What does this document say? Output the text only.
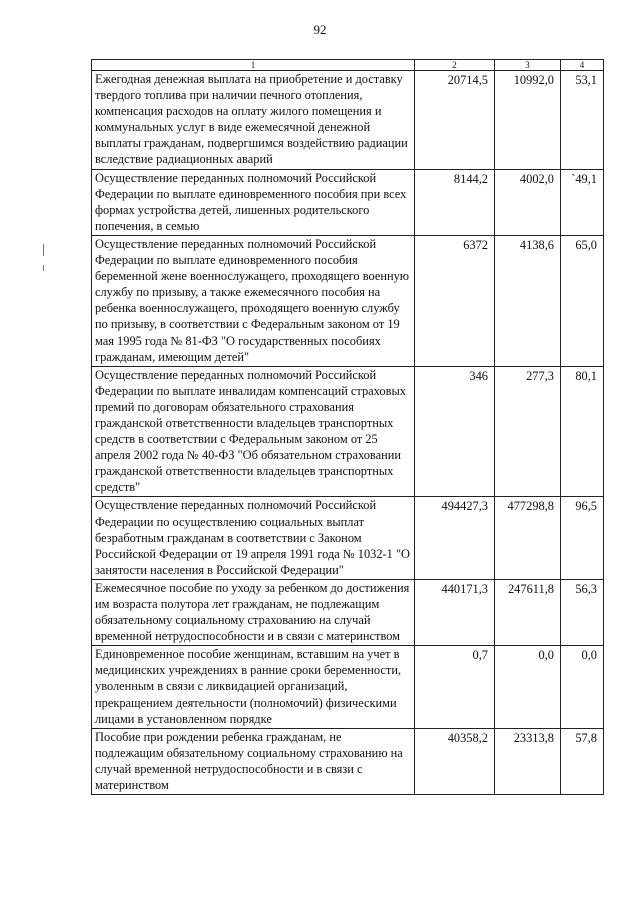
92
1	2	3	4
Ежегодная денежная выплата на приобретение и доставку твердого топлива при наличии печного отопления, компенсация расходов на оплату жилого помещения и коммунальных услуг в виде ежемесячной денежной выплаты гражданам, подвергшимся воздействию радиации вследствие радиационных аварий	20714,5	10992,0	53,1
Осуществление переданных полномочий Российской Федерации по выплате единовременного пособия при всех формах устройства детей, лишенных родительского попечения, в семью	8144,2	4002,0	`49,1
Осуществление переданных полномочий Российской Федерации по выплате единовременного пособия беременной жене военнослужащего, проходящего военную службу по призыву, а также ежемесячного пособия на ребенка военнослужащего, проходящего военную службу по призыву, в соответствии с Федеральным законом от 19 мая 1995 года № 81-ФЗ "О государственных пособиях гражданам, имеющим детей"	6372	4138,6	65,0
Осуществление переданных полномочий Российской Федерации по выплате инвалидам компенсаций страховых премий по договорам обязательного страхования гражданской ответственности владельцев транспортных средств в соответствии с Федеральным законом от 25 апреля 2002 года № 40-ФЗ "Об обязательном страховании гражданской ответственности владельцев транспортных средств"	346	277,3	80,1
Осуществление переданных полномочий Российской Федерации по осуществлению социальных выплат безработным гражданам в соответствии с Законом Российской Федерации от 19 апреля 1991 года № 1032-1 "О занятости населения в Российской Федерации"	494427,3	477298,8	96,5
Ежемесячное пособие по уходу за ребенком до достижения им возраста полутора лет гражданам, не подлежащим обязательному социальному страхованию на случай временной нетрудоспособности и в связи с материнством	440171,3	247611,8	56,3
Единовременное пособие женщинам, вставшим на учет в медицинских учреждениях в ранние сроки беременности, уволенным в связи с ликвидацией организаций, прекращением деятельности (полномочий) физическими лицами в установленном порядке	0,7	0,0	0,0
Пособие при рождении ребенка гражданам, не подлежащим обязательному социальному страхованию на случай временной нетрудоспособности и в связи с материнством	40358,2	23313,8	57,8
